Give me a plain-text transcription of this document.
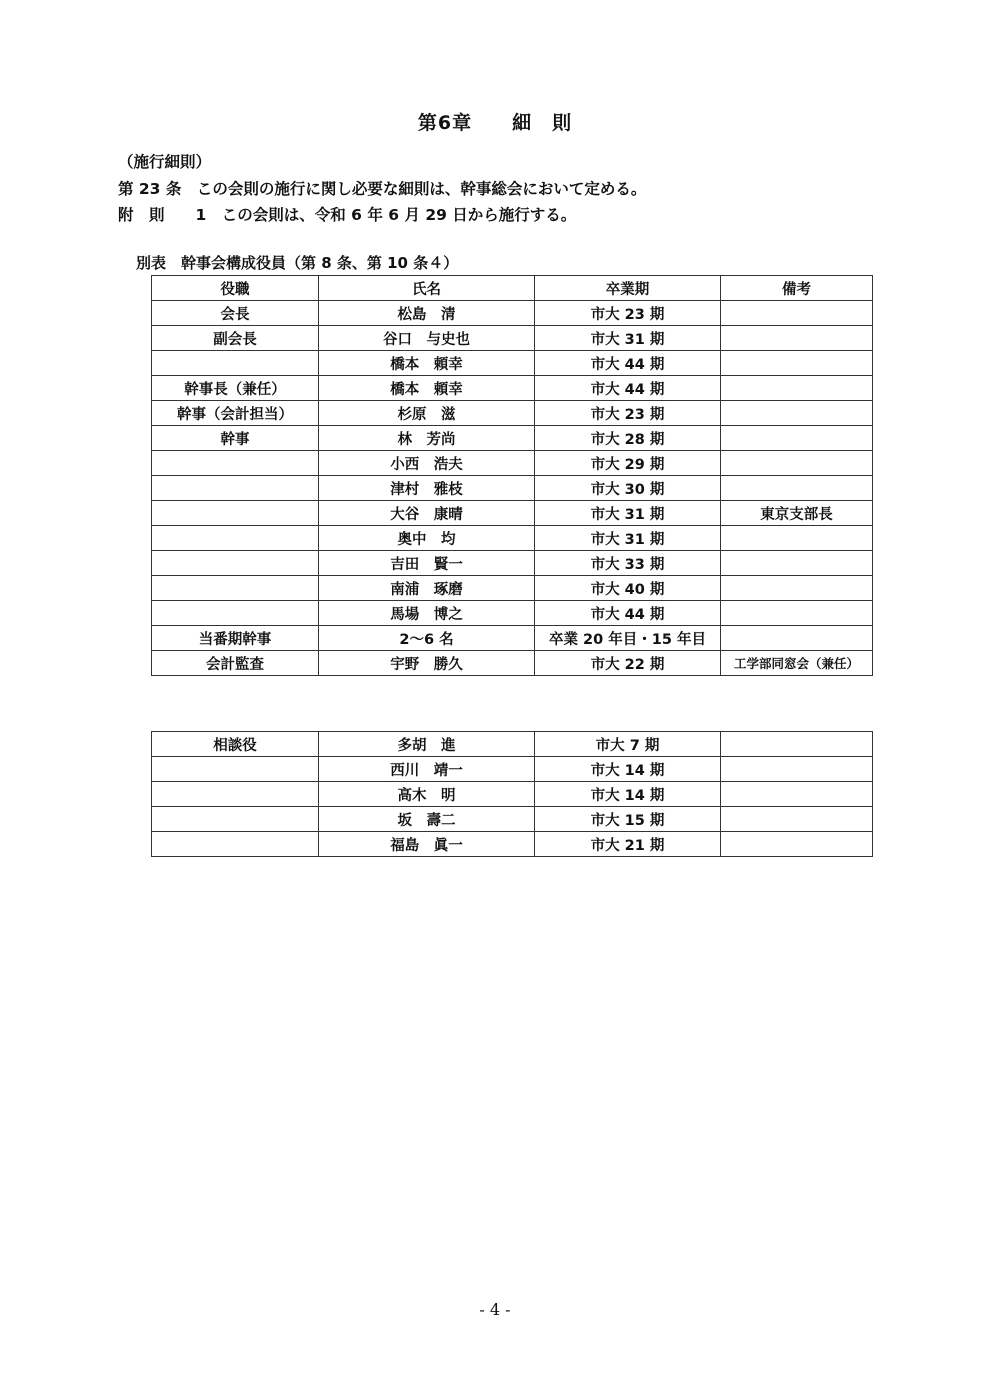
第6章　　細　則
（施行細則）
第 23 条　この会則の施行に関し必要な細則は、幹事総会において定める。
附　則　　1　この会則は、令和 6 年 6 月 29 日から施行する。
別表　幹事会構成役員（第 8 条、第 10 条４）
役職	氏名	卒業期	備考
会長	松島　清	市大 23 期	
副会長	谷口　与史也	市大 31 期	
	橋本　頼幸	市大 44 期	
幹事長（兼任）	橋本　頼幸	市大 44 期	
幹事（会計担当）	杉原　滋	市大 23 期	
幹事	林　芳尚	市大 28 期	
	小西　浩夫	市大 29 期	
	津村　雅枝	市大 30 期	
	大谷　康晴	市大 31 期	東京支部長
	奥中　均	市大 31 期	
	吉田　賢一	市大 33 期	
	南浦　琢磨	市大 40 期	
	馬場　博之	市大 44 期	
当番期幹事	2〜6 名	卒業 20 年目・15 年目	
会計監査	宇野　勝久	市大 22 期	工学部同窓会（兼任）
相談役	多胡　進	市大 7 期	
	西川　靖一	市大 14 期	
	高木　明	市大 14 期	
	坂　壽二	市大 15 期	
	福島　眞一	市大 21 期	
- 4 -
